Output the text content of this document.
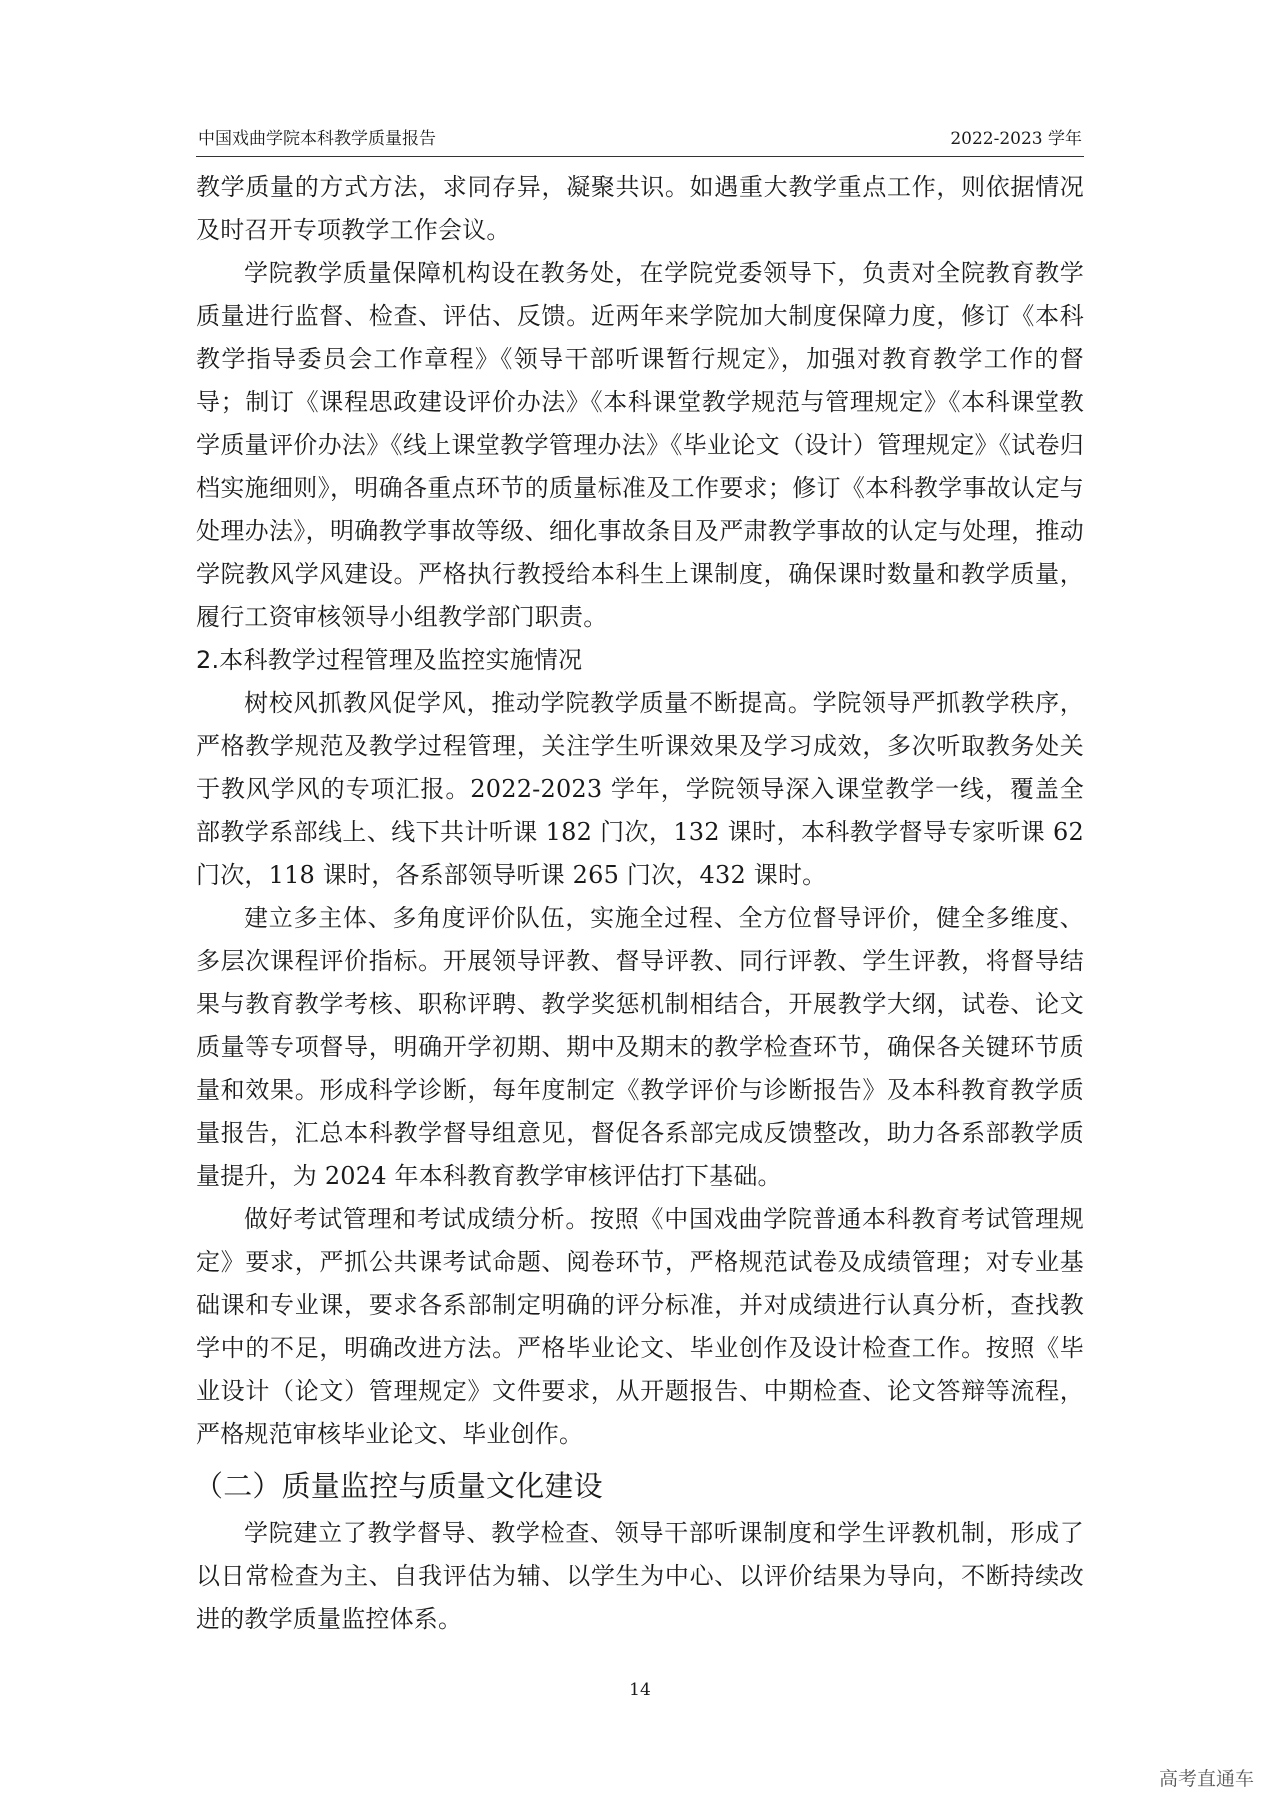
中国戏曲学院本科教学质量报告	2022-2023 学年

教学质量的方式方法，求同存异，凝聚共识。如遇重大教学重点工作，则依据情况及时召开专项教学工作会议。

学院教学质量保障机构设在教务处，在学院党委领导下，负责对全院教育教学质量进行监督、检查、评估、反馈。近两年来学院加大制度保障力度，修订《本科教学指导委员会工作章程》《领导干部听课暂行规定》，加强对教育教学工作的督导；制订《课程思政建设评价办法》《本科课堂教学规范与管理规定》《本科课堂教学质量评价办法》《线上课堂教学管理办法》《毕业论文（设计）管理规定》《试卷归档实施细则》，明确各重点环节的质量标准及工作要求；修订《本科教学事故认定与处理办法》，明确教学事故等级、细化事故条目及严肃教学事故的认定与处理，推动学院教风学风建设。严格执行教授给本科生上课制度，确保课时数量和教学质量，履行工资审核领导小组教学部门职责。

2.本科教学过程管理及监控实施情况

树校风抓教风促学风，推动学院教学质量不断提高。学院领导严抓教学秩序，严格教学规范及教学过程管理，关注学生听课效果及学习成效，多次听取教务处关于教风学风的专项汇报。2022-2023 学年，学院领导深入课堂教学一线，覆盖全部教学系部线上、线下共计听课 182 门次，132 课时，本科教学督导专家听课 62 门次，118 课时，各系部领导听课 265 门次，432 课时。

建立多主体、多角度评价队伍，实施全过程、全方位督导评价，健全多维度、多层次课程评价指标。开展领导评教、督导评教、同行评教、学生评教，将督导结果与教育教学考核、职称评聘、教学奖惩机制相结合，开展教学大纲，试卷、论文质量等专项督导，明确开学初期、期中及期末的教学检查环节，确保各关键环节质量和效果。形成科学诊断，每年度制定《教学评价与诊断报告》及本科教育教学质量报告，汇总本科教学督导组意见，督促各系部完成反馈整改，助力各系部教学质量提升，为 2024 年本科教育教学审核评估打下基础。

做好考试管理和考试成绩分析。按照《中国戏曲学院普通本科教育考试管理规定》要求，严抓公共课考试命题、阅卷环节，严格规范试卷及成绩管理；对专业基础课和专业课，要求各系部制定明确的评分标准，并对成绩进行认真分析，查找教学中的不足，明确改进方法。严格毕业论文、毕业创作及设计检查工作。按照《毕业设计（论文）管理规定》文件要求，从开题报告、中期检查、论文答辩等流程，严格规范审核毕业论文、毕业创作。

（二）质量监控与质量文化建设

学院建立了教学督导、教学检查、领导干部听课制度和学生评教机制，形成了以日常检查为主、自我评估为辅、以学生为中心、以评价结果为导向，不断持续改进的教学质量监控体系。

14
高考直通车
